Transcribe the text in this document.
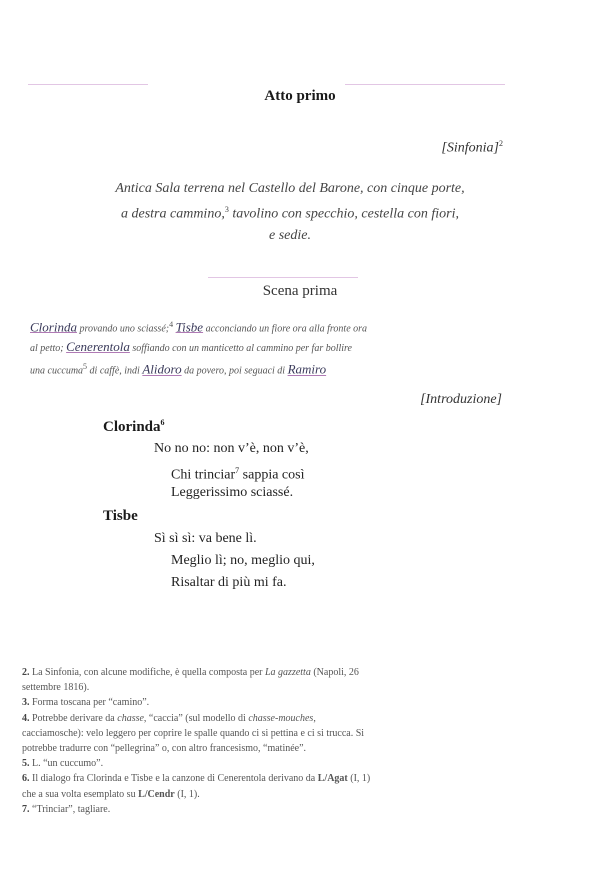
Atto primo
[Sinfonia]$^2$
Antica Sala terrena nel Castello del Barone, con cinque porte,
a destra cammino,$^3$ tavolino con specchio, cestella con fiori,
e sedie.
Scena prima
Clorinda provando uno sciassé;$^4$ Tisbe acconciando un fiore ora alla fronte ora
al petto; Cenerentola soffiando con un manticetto al cammino per far bollire
una cuccuma$^5$ di caffè, indi Alidoro da povero, poi seguaci di Ramiro
[Introduzione]
Clorinda$^6$
No no no: non v’è, non v’è,
Chi trinciar$^7$ sappia così
Leggerissimo sciassé.
Tisbe
Sì sì sì: va bene lì.
Meglio lì; no, meglio qui,
Risaltar di più mi fa.
2. La Sinfonia, con alcune modifiche, è quella composta per La gazzetta (Napoli, 26
settembre 1816).
3. Forma toscana per “camino”.
4. Potrebbe derivare da chasse, “caccia” (sul modello di chasse-mouches,
cacciamosche): velo leggero per coprire le spalle quando ci si pettina e ci si trucca. Si
potrebbe tradurre con “pellegrina” o, con altro francesismo, “matinée”.
5. L. “un cuccumo”.
6. Il dialogo fra Clorinda e Tisbe e la canzone di Cenerentola derivano da L/Agat (I, 1)
che a sua volta esemplato su L/Cendr (I, 1).
7. “Trinciar”, tagliare.
